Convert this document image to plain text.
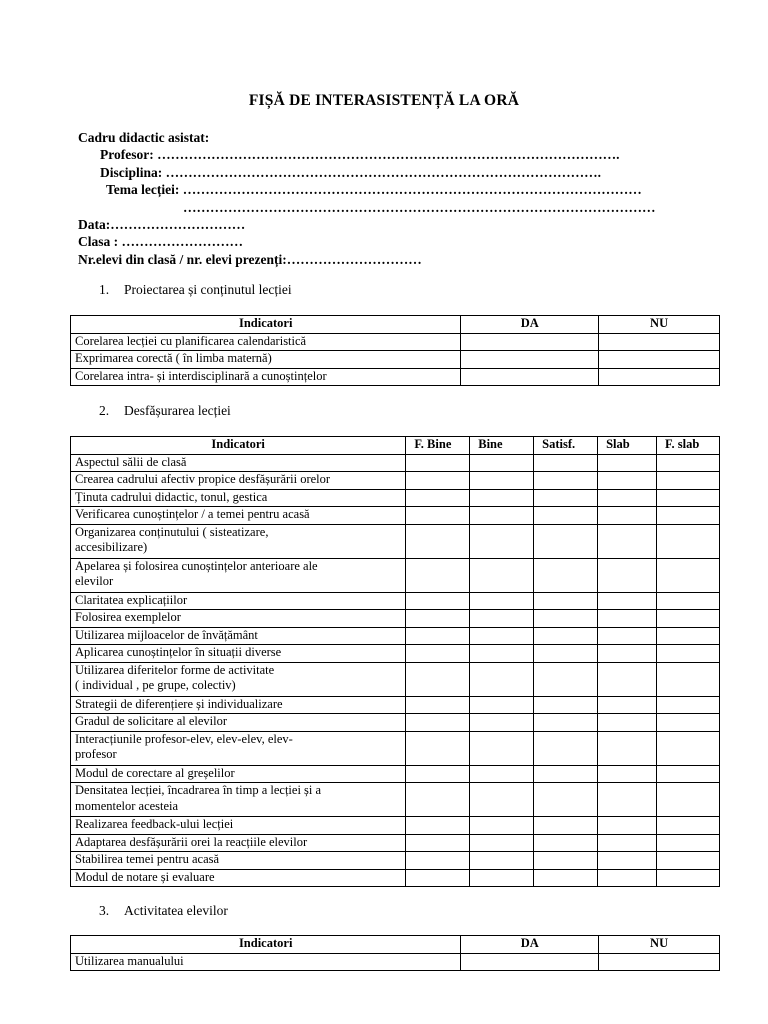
FIȘĂ DE INTERASISTENȚĂ LA ORĂ
Cadru didactic asistat:
Profesor: ………………………………………………………………………………………….
Disciplina: …………………………………………………………………………………….
Tema lecției: …………………………………………………………………………………………
……………………………………………………………………………………………
Data:…………………………
Clasa : ………………………
Nr.elevi din clasă / nr. elevi prezenți:…………………………
1. Proiectarea și conținutul lecției
Indicatori	DA	NU
Corelarea lecției cu planificarea calendaristică		
Exprimarea corectă ( în limba maternă)		
Corelarea intra- și interdisciplinară a cunoștințelor		
2. Desfășurarea lecției
Indicatori	F. Bine	Bine	Satisf.	Slab	F. slab

Aspectul sălii de clasă					

Crearea cadrului afectiv propice desfășurării orelor					

Ținuta cadrului didactic, tonul, gestica					

Verificarea cunoștințelor / a temei pentru acasă					

Organizarea conținutului ( sisteatizare,
accesibilizare)					

Apelarea și folosirea cunoștințelor anterioare ale
elevilor					

Claritatea explicațiilor					

Folosirea exemplelor					

Utilizarea mijloacelor de învățământ					

Aplicarea cunoștințelor în situații diverse					

Utilizarea diferitelor forme de activitate
( individual , pe grupe, colectiv)					

Strategii de diferențiere și individualizare					

Gradul de solicitare al elevilor					

Interacțiunile profesor-elev, elev-elev, elev-
profesor					

Modul de corectare al greșelilor					

Densitatea lecției, încadrarea în timp a lecției și a
momentelor acesteia					

Realizarea feedback-ului lecției					

Adaptarea desfășurării orei la reacțiile elevilor					

Stabilirea temei pentru acasă					

Modul de notare și evaluare					

3. Activitatea elevilor
Indicatori	DA	NU
Utilizarea manualului		
